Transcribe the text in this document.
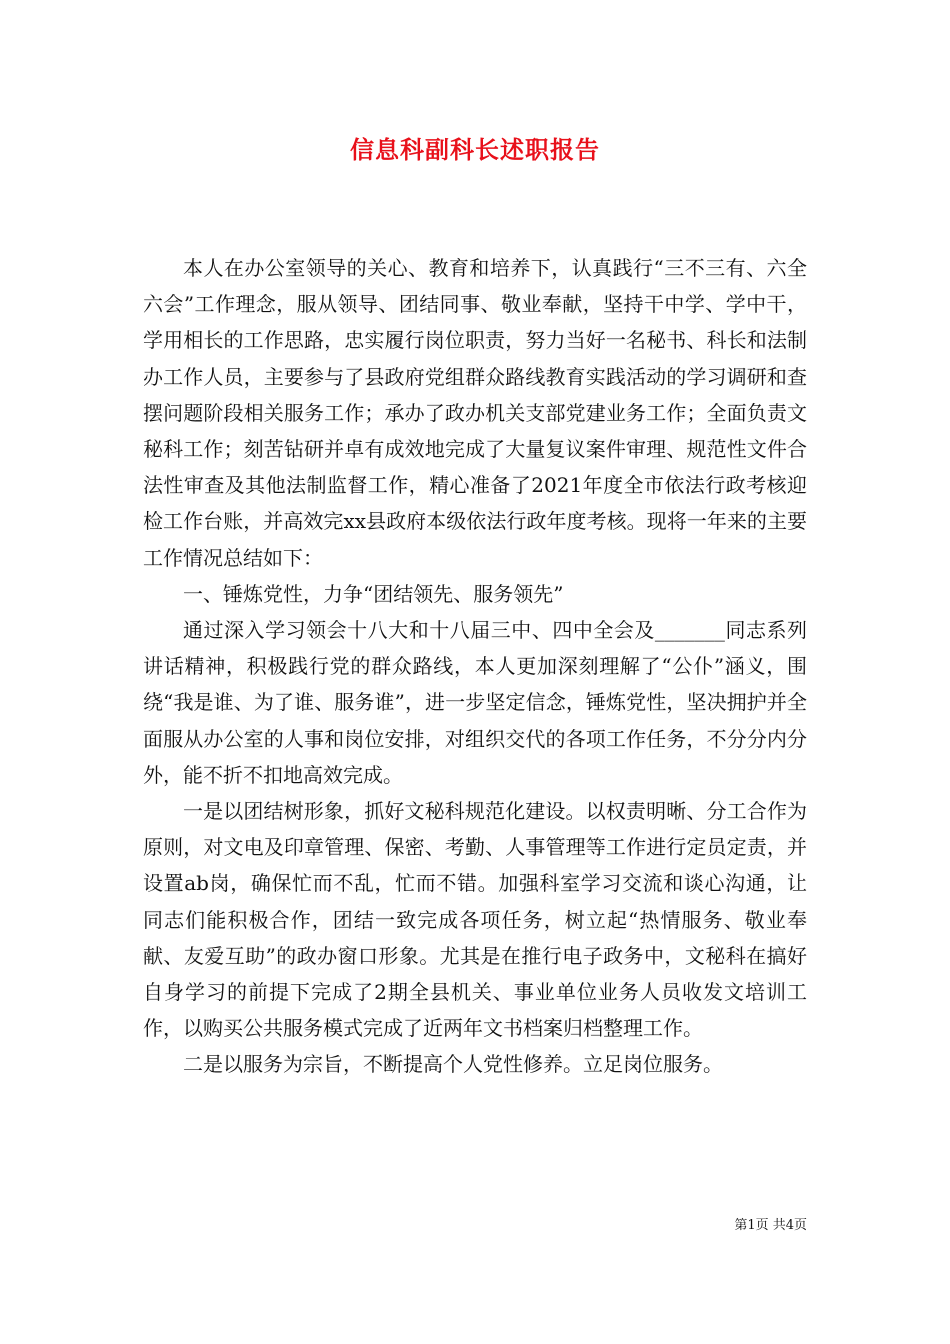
信息科副科长述职报告

本人在办公室领导的关心、教育和培养下，认真践行“三不三有、六全六会”工作理念，服从领导、团结同事、敬业奉献，坚持干中学、学中干，学用相长的工作思路，忠实履行岗位职责，努力当好一名秘书、科长和法制办工作人员，主要参与了县政府党组群众路线教育实践活动的学习调研和查摆问题阶段相关服务工作；承办了政办机关支部党建业务工作；全面负责文秘科工作；刻苦钻研并卓有成效地完成了大量复议案件审理、规范性文件合法性审查及其他法制监督工作，精心准备了2021年度全市依法行政考核迎检工作台账，并高效完xx县政府本级依法行政年度考核。现将一年来的主要工作情况总结如下：

一、锤炼党性，力争“团结领先、服务领先”

通过深入学习领会十八大和十八届三中、四中全会及_______同志系列讲话精神，积极践行党的群众路线，本人更加深刻理解了“公仆”涵义，围绕“我是谁、为了谁、服务谁”，进一步坚定信念，锤炼党性，坚决拥护并全面服从办公室的人事和岗位安排，对组织交代的各项工作任务，不分分内分外，能不折不扣地高效完成。

一是以团结树形象，抓好文秘科规范化建设。以权责明晰、分工合作为原则，对文电及印章管理、保密、考勤、人事管理等工作进行定员定责，并设置ab岗，确保忙而不乱，忙而不错。加强科室学习交流和谈心沟通，让同志们能积极合作，团结一致完成各项任务，树立起“热情服务、敬业奉献、友爱互助”的政办窗口形象。尤其是在推行电子政务中，文秘科在搞好自身学习的前提下完成了2期全县机关、事业单位业务人员收发文培训工作，以购买公共服务模式完成了近两年文书档案归档整理工作。

二是以服务为宗旨，不断提高个人党性修养。立足岗位服务。

第1页 共4页
